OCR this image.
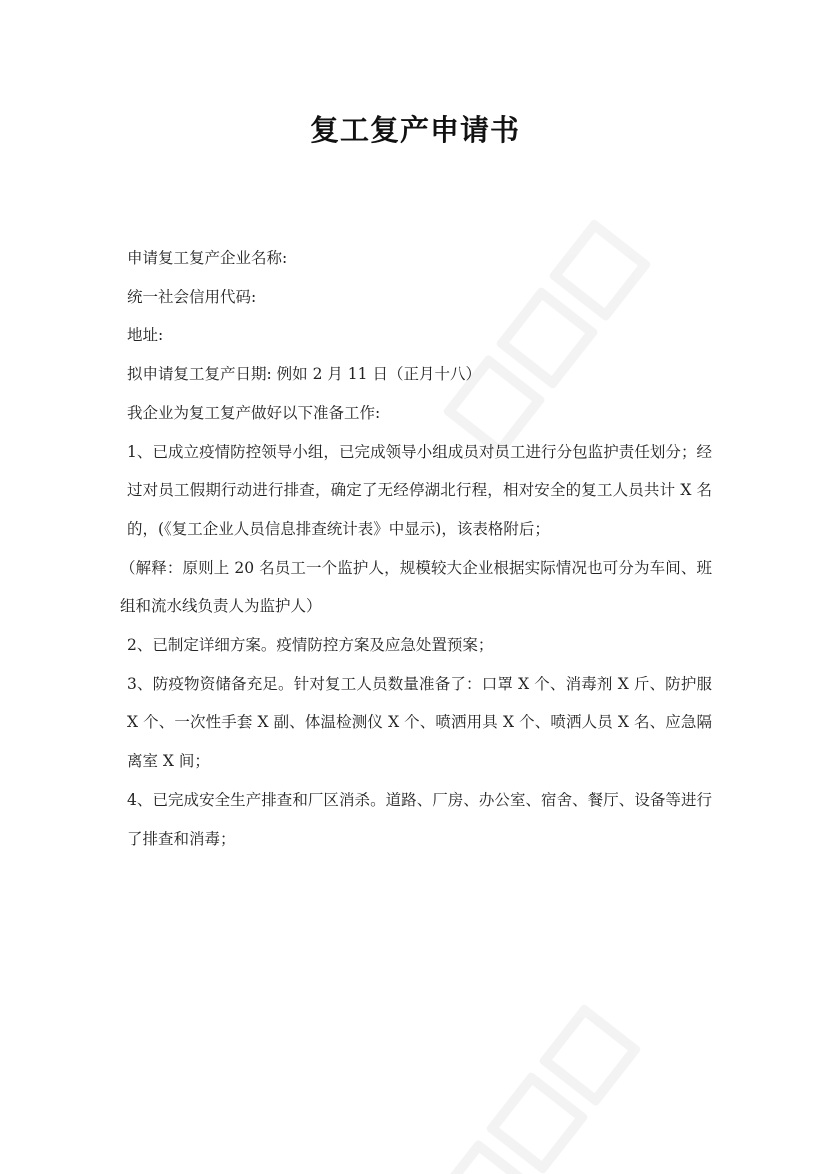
复工复产申请书

申请复工复产企业名称:

统一社会信用代码:

地址:

拟申请复工复产日期: 例如 2 月 11 日（正月十八）

我企业为复工复产做好以下准备工作:

1、已成立疫情防控领导小组，已完成领导小组成员对员工进行分包监护责任划分；经过对员工假期行动进行排查，确定了无经停湖北行程，相对安全的复工人员共计 X 名的，(《复工企业人员信息排查统计表》中显示)，该表格附后；

（解释：原则上 20 名员工一个监护人，规模较大企业根据实际情况也可分为车间、班组和流水线负责人为监护人）

2、已制定详细方案。疫情防控方案及应急处置预案；

3、防疫物资储备充足。针对复工人员数量准备了：口罩 X 个、消毒剂 X 斤、防护服 X 个、一次性手套 X 副、体温检测仪 X 个、喷洒用具 X 个、喷洒人员 X 名、应急隔离室 X 间；

4、已完成安全生产排查和厂区消杀。道路、厂房、办公室、宿舍、餐厅、设备等进行了排查和消毒；
